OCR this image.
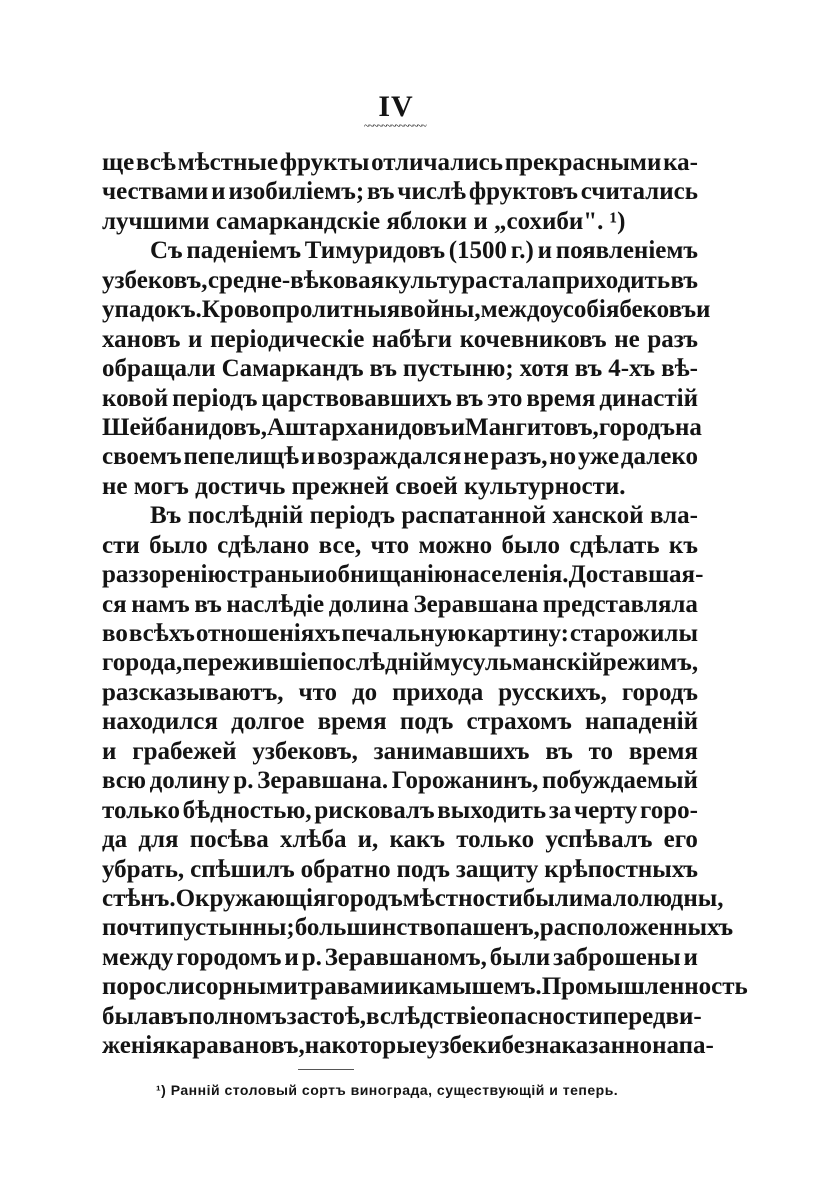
IV
~~~~~~~~~~~~~~
ще всѣ мѣстные фрукты отличались прекрасными ка-
чествами и изобиліемъ; въ числѣ фруктовъ считались
лучшими самаркандскіе яблоки и „сохиби". ¹)
Съ паденіемъ Тимуридовъ (1500 г.) и появленіемъ
узбековъ, средне-вѣковая культура стала приходить въ
упадокъ. Кровопролитныя войны, междоусобія бековъ и
хановъ и періодическіе набѣги кочевниковъ не разъ
обращали Самаркандъ въ пустыню; хотя въ 4-хъ вѣ-
ковой періодъ царствовавшихъ въ это время династій
Шейбанидовъ, Аштарханидовъ и Мангитовъ, городъ на
своемъ пепелищѣ и возраждался не разъ, но уже далеко
не могъ достичь прежней своей культурности.
Въ послѣдній періодъ распатанной ханской вла-
сти было сдѣлано все, что можно было сдѣлать къ
раззоренію страны и обнищанію населенія. Доставшая-
ся намъ въ наслѣдіе долина Зеравшана представляла
во всѣхъ отношеніяхъ печальную картину: старожилы
города, пережившіе послѣдній мусульманскій режимъ,
разсказываютъ, что до прихода русскихъ, городъ
находился долгое время подъ страхомъ нападеній
и грабежей узбековъ, занимавшихъ въ то время
всю долину р. Зеравшана. Горожанинъ, побуждаемый
только бѣдностью, рисковалъ выходить за черту горо-
да для посѣва хлѣба и, какъ только успѣвалъ его
убрать, спѣшилъ обратно подъ защиту крѣпостныхъ
стѣнъ. Окружающія городъ мѣстности были малолюдны,
почти пустынны; большинство пашенъ, расположенныхъ
между городомъ и р. Зеравшаномъ, были заброшены и
поросли сорными травами и камышемъ. Промышленность
была въ полномъ застоѣ, вслѣдствіе опасности передви-
женія каравановъ, на которые узбеки безнаказанно напа-
¹) Раннiй столовый сортъ винограда, существующій и теперь.
